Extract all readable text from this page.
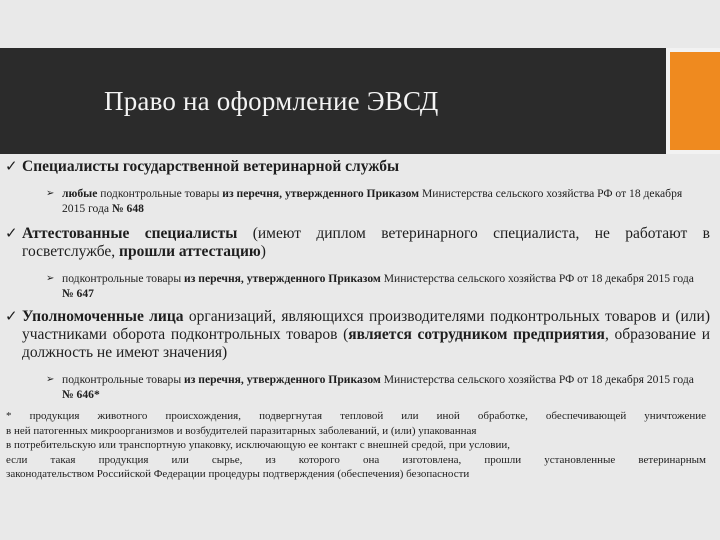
Право на оформление ЭВСД
✓ Специалисты государственной ветеринарной службы
➢ любые подконтрольные товары из перечня, утвержденного Приказом Министерства сельского хозяйства РФ от 18 декабря 2015 года № 648
✓ Аттестованные специалисты (имеют диплом ветеринарного специалиста, не работают в госветслужбе, прошли аттестацию)
➢ подконтрольные товары из перечня, утвержденного Приказом Министерства сельского хозяйства РФ от 18 декабря 2015 года № 647
✓ Уполномоченные лица организаций, являющихся производителями подконтрольных товаров и (или) участниками оборота подконтрольных товаров (является сотрудником предприятия, образование и должность не имеют значения)
➢ подконтрольные товары из перечня, утвержденного Приказом Министерства сельского хозяйства РФ от 18 декабря 2015 года № 646*
* продукция животного происхождения, подвергнутая тепловой или иной обработке, обеспечивающей уничтожение
в ней патогенных микроорганизмов и возбудителей паразитарных заболеваний, и (или) упакованная
в потребительскую или транспортную упаковку, исключающую ее контакт с внешней средой, при условии,
если такая продукция или сырье, из которого она изготовлена, прошли установленные ветеринарным
законодательством Российской Федерации процедуры подтверждения (обеспечения) безопасности
